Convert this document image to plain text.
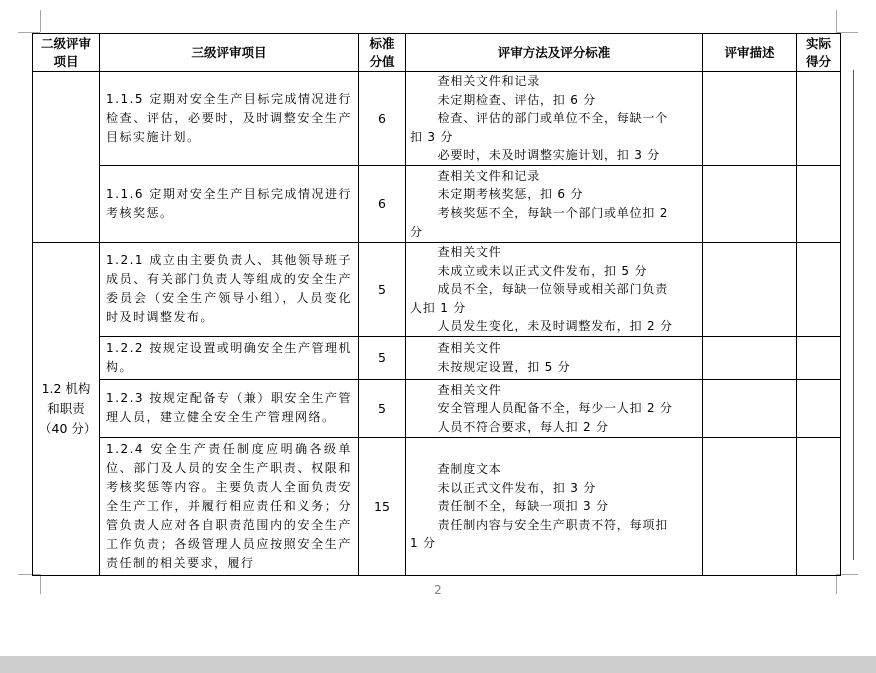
二级评审项目	三级评审项目	标准分值	评审方法及评分标准	评审描述	实际得分
	1.1.5 定期对安全生产目标完成情况进行检查、评估，必要时，及时调整安全生产目标实施计划。	6	查相关文件和记录

未定期检查、评估，扣 6 分

检查、评估的部门或单位不全，每缺一个

扣 3 分

必要时，未及时调整实施计划，扣 3 分		

	1.1.6 定期对安全生产目标完成情况进行考核奖惩。	6	查相关文件和记录

未定期考核奖惩，扣 6 分

考核奖惩不全，每缺一个部门或单位扣 2

分		

1.2 机构和职责（40 分）	1.2.1 成立由主要负责人、其他领导班子成员、有关部门负责人等组成的安全生产委员会（安全生产领导小组），人员变化时及时调整发布。	5	查相关文件

未成立或未以正式文件发布，扣 5 分

成员不全，每缺一位领导或相关部门负责

人扣 1 分

人员发生变化，未及时调整发布，扣 2 分		

	1.2.2 按规定设置或明确安全生产管理机构。	5	查相关文件

未按规定设置，扣 5 分		

	1.2.3 按规定配备专（兼）职安全生产管理人员，建立健全安全生产管理网络。	5	查相关文件

安全管理人员配备不全，每少一人扣 2 分

人员不符合要求，每人扣 2 分		

	1.2.4 安全生产责任制度应明确各级单位、部门及人员的安全生产职责、权限和考核奖惩等内容。主要负责人全面负责安全生产工作，并履行相应责任和义务；分管负责人应对各自职责范围内的安全生产工作负责；各级管理人员应按照安全生产责任制的相关要求，履行	15	查制度文本

未以正式文件发布，扣 3 分

责任制不全，每缺一项扣 3 分

责任制内容与安全生产职责不符，每项扣

1 分		

2
